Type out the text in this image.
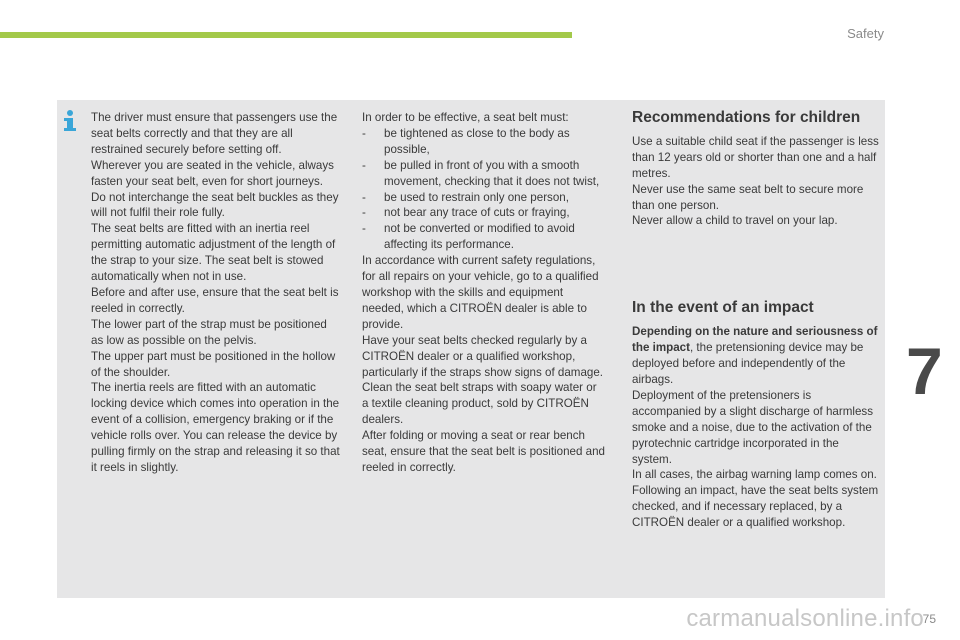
Safety

The driver must ensure that passengers use the seat belts correctly and that they are all restrained securely before setting off.

Wherever you are seated in the vehicle, always fasten your seat belt, even for short journeys.

Do not interchange the seat belt buckles as they will not fulfil their role fully.

The seat belts are fitted with an inertia reel permitting automatic adjustment of the length of the strap to your size. The seat belt is stowed automatically when not in use.

Before and after use, ensure that the seat belt is reeled in correctly.

The lower part of the strap must be positioned as low as possible on the pelvis.

The upper part must be positioned in the hollow of the shoulder.

The inertia reels are fitted with an automatic locking device which comes into operation in the event of a collision, emergency braking or if the vehicle rolls over. You can release the device by pulling firmly on the strap and releasing it so that it reels in slightly.

In order to be effective, a seat belt must:

-	be tightened as close to the body as possible,
-	be pulled in front of you with a smooth movement, checking that it does not twist,
-	be used to restrain only one person,
-	not bear any trace of cuts or fraying,
-	not be converted or modified to avoid affecting its performance.

In accordance with current safety regulations, for all repairs on your vehicle, go to a qualified workshop with the skills and equipment needed, which a CITROËN dealer is able to provide.

Have your seat belts checked regularly by a CITROËN dealer or a qualified workshop, particularly if the straps show signs of damage.

Clean the seat belt straps with soapy water or a textile cleaning product, sold by CITROËN dealers.

After folding or moving a seat or rear bench seat, ensure that the seat belt is positioned and reeled in correctly.

Recommendations for children

Use a suitable child seat if the passenger is less than 12 years old or shorter than one and a half metres.

Never use the same seat belt to secure more than one person.

Never allow a child to travel on your lap.

In the event of an impact

Depending on the nature and seriousness of the impact, the pretensioning device may be deployed before and independently of the airbags.

Deployment of the pretensioners is accompanied by a slight discharge of harmless smoke and a noise, due to the activation of the pyrotechnic cartridge incorporated in the system.

In all cases, the airbag warning lamp comes on.

Following an impact, have the seat belts system checked, and if necessary replaced, by a CITROËN dealer or a qualified workshop.

7
carmanualsonline.info
75
